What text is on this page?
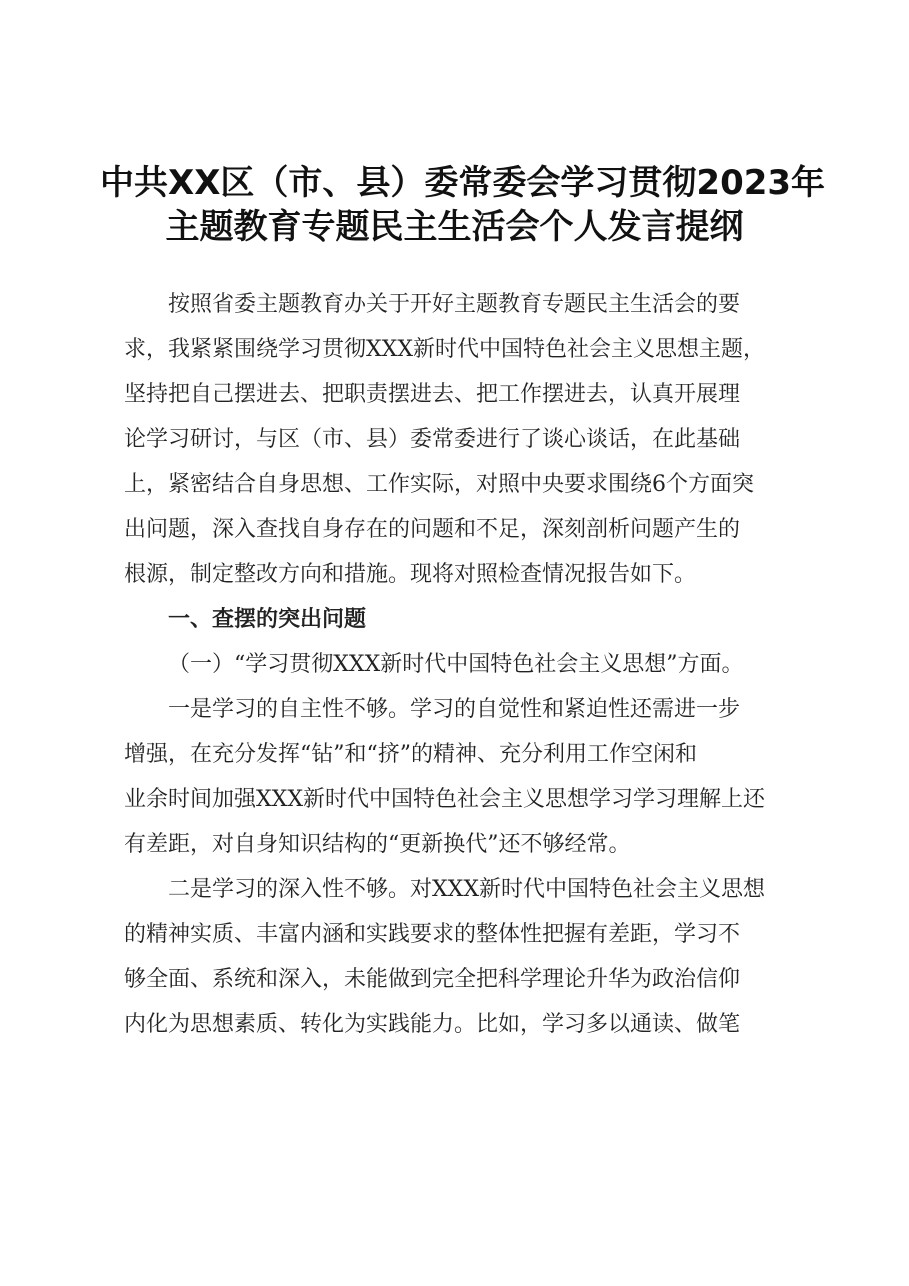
中共XX区（市、县）委常委会学习贯彻2023年
主题教育专题民主生活会个人发言提纲
按照省委主题教育办关于开好主题教育专题民主生活会的要
求，我紧紧围绕学习贯彻XXX新时代中国特色社会主义思想主题，
坚持把自己摆进去、把职责摆进去、把工作摆进去，认真开展理
论学习研讨，与区（市、县）委常委进行了谈心谈话，在此基础
上，紧密结合自身思想、工作实际，对照中央要求围绕6个方面突
出问题，深入查找自身存在的问题和不足，深刻剖析问题产生的
根源，制定整改方向和措施。现将对照检查情况报告如下。
一、查摆的突出问题
（一）“学习贯彻XXX新时代中国特色社会主义思想”方面。
一是学习的自主性不够。学习的自觉性和紧迫性还需进一步
增强，在充分发挥“钻”和“挤”的精神、充分利用工作空闲和
业余时间加强XXX新时代中国特色社会主义思想学习学习理解上还
有差距，对自身知识结构的“更新换代”还不够经常。
二是学习的深入性不够。对XXX新时代中国特色社会主义思想
的精神实质、丰富内涵和实践要求的整体性把握有差距，学习不
够全面、系统和深入，未能做到完全把科学理论升华为政治信仰
内化为思想素质、转化为实践能力。比如，学习多以通读、做笔
